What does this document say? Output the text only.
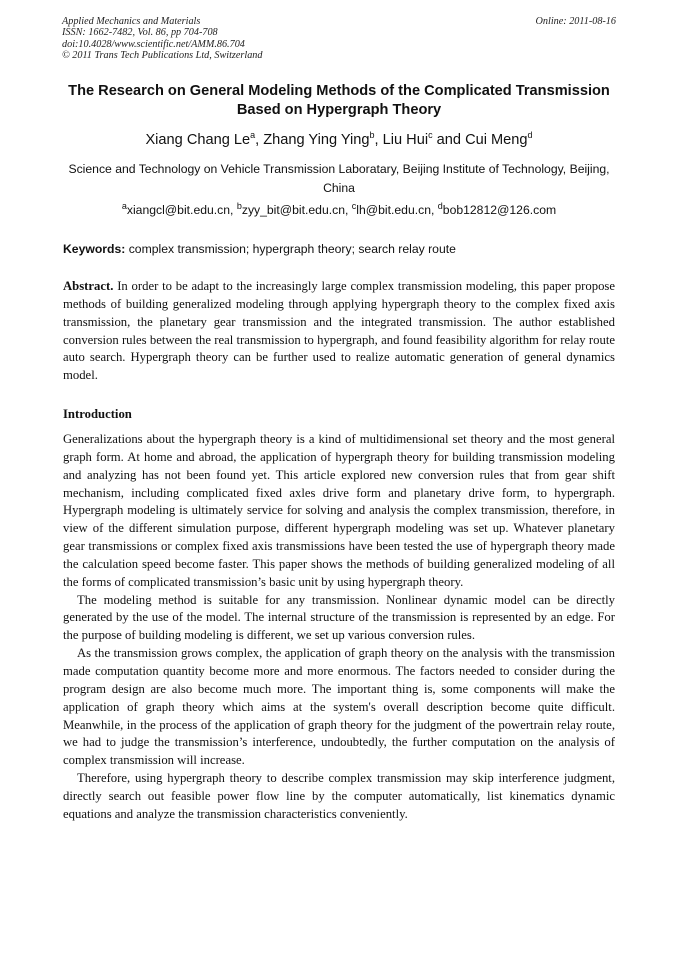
Applied Mechanics and Materials
ISSN: 1662-7482, Vol. 86, pp 704-708
doi:10.4028/www.scientific.net/AMM.86.704
© 2011 Trans Tech Publications Ltd, Switzerland
Online: 2011-08-16
The Research on General Modeling Methods of the Complicated Transmission Based on Hypergraph Theory
Xiang Chang Le$^a$, Zhang Ying Ying$^b$, Liu Hui$^c$ and Cui Meng$^d$
Science and Technology on Vehicle Transmission Laboratary, Beijing Institute of Technology, Beijing, China
$^a$xiangcl@bit.edu.cn, $^b$zyy_bit@bit.edu.cn, $^c$lh@bit.edu.cn, $^d$bob12812@126.com
Keywords: complex transmission; hypergraph theory; search relay route
Abstract. In order to be adapt to the increasingly large complex transmission modeling, this paper propose methods of building generalized modeling through applying hypergraph theory to the complex fixed axis transmission, the planetary gear transmission and the integrated transmission. The author established conversion rules between the real transmission to hypergraph, and found feasibility algorithm for relay route auto search. Hypergraph theory can be further used to realize automatic generation of general dynamics model.
Introduction

Generalizations about the hypergraph theory is a kind of multidimensional set theory and the most general graph form. At home and abroad, the application of hypergraph theory for building transmission modeling and analyzing has not been found yet. This article explored new conversion rules that from gear shift mechanism, including complicated fixed axles drive form and planetary drive form, to hypergraph. Hypergraph modeling is ultimately service for solving and analysis the complex transmission, therefore, in view of the different simulation purpose, different hypergraph modeling was set up. Whatever planetary gear transmissions or complex fixed axis transmissions have been tested the use of hypergraph theory made the calculation speed become faster. This paper shows the methods of building generalized modeling of all the forms of complicated transmission’s basic unit by using hypergraph theory.

The modeling method is suitable for any transmission. Nonlinear dynamic model can be directly generated by the use of the model. The internal structure of the transmission is represented by an edge. For the purpose of building modeling is different, we set up various conversion rules.

As the transmission grows complex, the application of graph theory on the analysis with the transmission made computation quantity become more and more enormous. The factors needed to consider during the program design are also become much more. The important thing is, some components will make the application of graph theory which aims at the system's overall description become quite difficult. Meanwhile, in the process of the application of graph theory for the judgment of the powertrain relay route, we had to judge the transmission’s interference, undoubtedly, the further computation on the analysis of complex transmission will increase.

Therefore, using hypergraph theory to describe complex transmission may skip interference judgment, directly search out feasible power flow line by the computer automatically, list kinematics dynamic equations and analyze the transmission characteristics conveniently.
